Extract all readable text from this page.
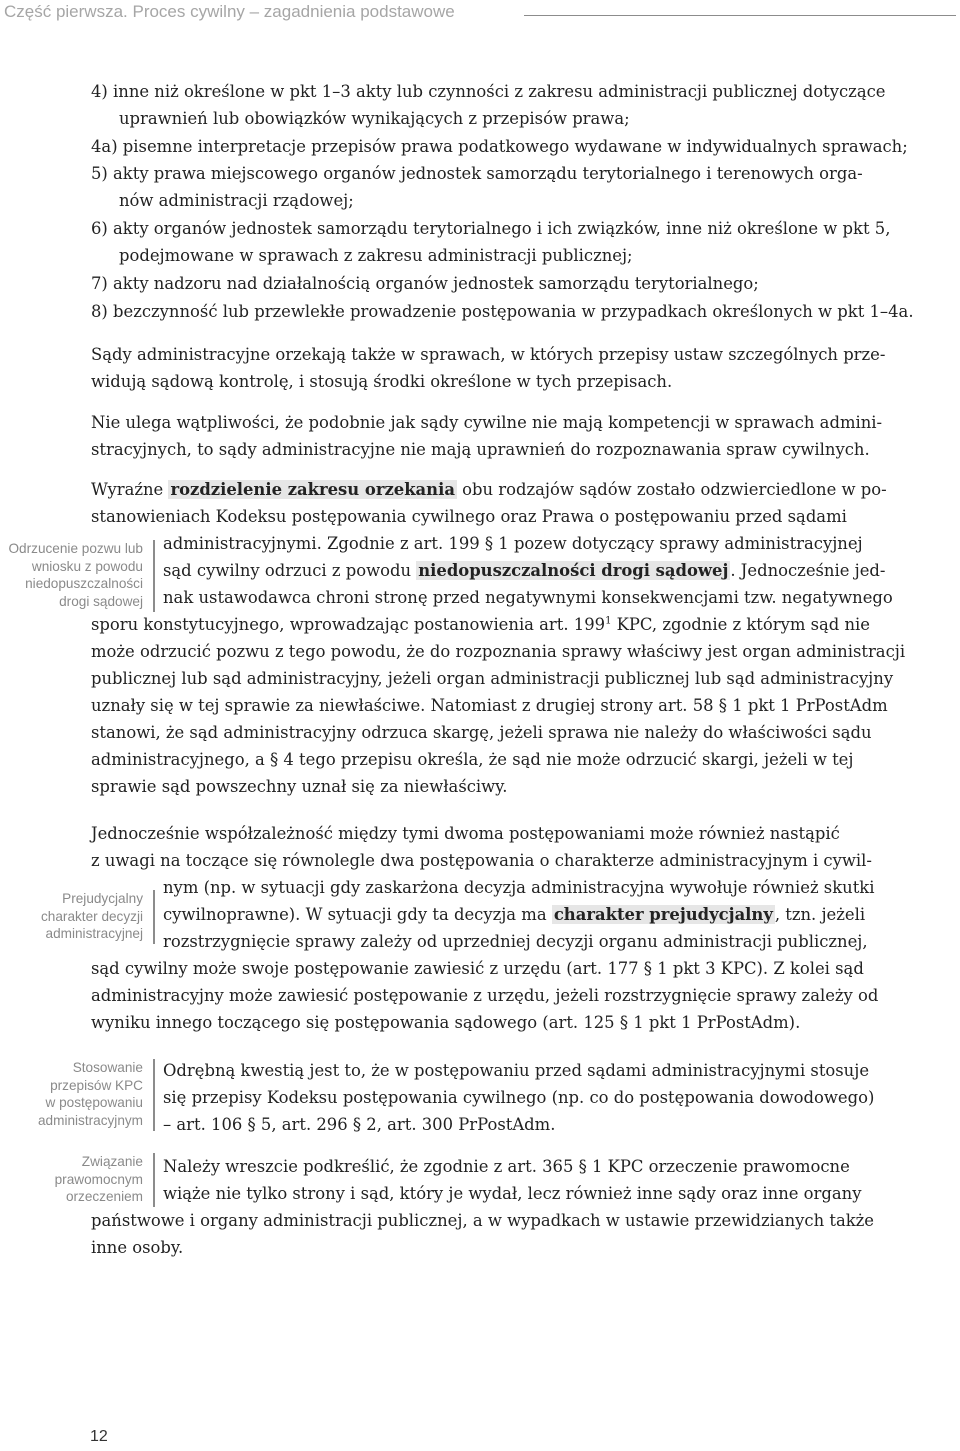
Część pierwsza. Proces cywilny – zagadnienia podstawowe
4) inne niż określone w pkt 1–3 akty lub czynności z zakresu administracji publicznej dotyczące
uprawnień lub obowiązków wynikających z przepisów prawa;
4a) pisemne interpretacje przepisów prawa podatkowego wydawane w indywidualnych sprawach;
5) akty prawa miejscowego organów jednostek samorządu terytorialnego i terenowych orga-
nów administracji rządowej;
6) akty organów jednostek samorządu terytorialnego i ich związków, inne niż określone w pkt 5,
podejmowane w sprawach z zakresu administracji publicznej;
7) akty nadzoru nad działalnością organów jednostek samorządu terytorialnego;
8) bezczynność lub przewlekłe prowadzenie postępowania w przypadkach określonych w pkt 1–4a.
Sądy administracyjne orzekają także w sprawach, w których przepisy ustaw szczególnych prze-
widują sądową kontrolę, i stosują środki określone w tych przepisach.
Nie ulega wątpliwości, że podobnie jak sądy cywilne nie mają kompetencji w sprawach admini-
stracyjnych, to sądy administracyjne nie mają uprawnień do rozpoznawania spraw cywilnych.
Wyraźne rozdzielenie zakresu orzekania obu rodzajów sądów zostało odzwierciedlone w po-
stanowieniach Kodeksu postępowania cywilnego oraz Prawa o postępowaniu przed sądami
administracyjnymi. Zgodnie z art. 199 § 1 pozew dotyczący sprawy administracyjnej
sąd cywilny odrzuci z powodu niedopuszczalności drogi sądowej . Jednocześnie jed-
nak ustawodawca chroni stronę przed negatywnymi konsekwencjami tzw. negatywnego
sporu konstytucyjnego, wprowadzając postanowienia art. $199^1$ KPC, zgodnie z którym sąd nie
może odrzucić pozwu z tego powodu, że do rozpoznania sprawy właściwy jest organ administracji
publicznej lub sąd administracyjny, jeżeli organ administracji publicznej lub sąd administracyjny
uznały się w tej sprawie za niewłaściwe. Natomiast z drugiej strony art. 58 § 1 pkt 1 PrPostAdm
stanowi, że sąd administracyjny odrzuca skargę, jeżeli sprawa nie należy do właściwości sądu
administracyjnego, a § 4 tego przepisu określa, że sąd nie może odrzucić skargi, jeżeli w tej
sprawie sąd powszechny uznał się za niewłaściwy.
Jednocześnie współzależność między tymi dwoma postępowaniami może również nastąpić
z uwagi na toczące się równolegle dwa postępowania o charakterze administracyjnym i cywil-
nym (np. w sytuacji gdy zaskarżona decyzja administracyjna wywołuje również skutki
cywilnoprawne). W sytuacji gdy ta decyzja ma charakter prejudycjalny , tzn. jeżeli
rozstrzygnięcie sprawy zależy od uprzedniej decyzji organu administracji publicznej,
sąd cywilny może swoje postępowanie zawiesić z urzędu (art. 177 § 1 pkt 3 KPC). Z kolei sąd
administracyjny może zawiesić postępowanie z urzędu, jeżeli rozstrzygnięcie sprawy zależy od
wyniku innego toczącego się postępowania sądowego (art. 125 § 1 pkt 1 PrPostAdm).
Odrębną kwestią jest to, że w postępowaniu przed sądami administracyjnymi stosuje
się przepisy Kodeksu postępowania cywilnego (np. co do postępowania dowodowego)
– art. 106 § 5, art. 296 § 2, art. 300 PrPostAdm.
Należy wreszcie podkreślić, że zgodnie z art. 365 § 1 KPC orzeczenie prawomocne
wiąże nie tylko strony i sąd, który je wydał, lecz również inne sądy oraz inne organy
państwowe i organy administracji publicznej, a w wypadkach w ustawie przewidzianych także
inne osoby.
Odrzucenie pozwu lub
wniosku z powodu
niedopuszczalności
drogi sądowej
Prejudycjalny
charakter decyzji
administracyjnej
Stosowanie
przepisów KPC
w postępowaniu
administracyjnym
Związanie
prawomocnym
orzeczeniem
12
